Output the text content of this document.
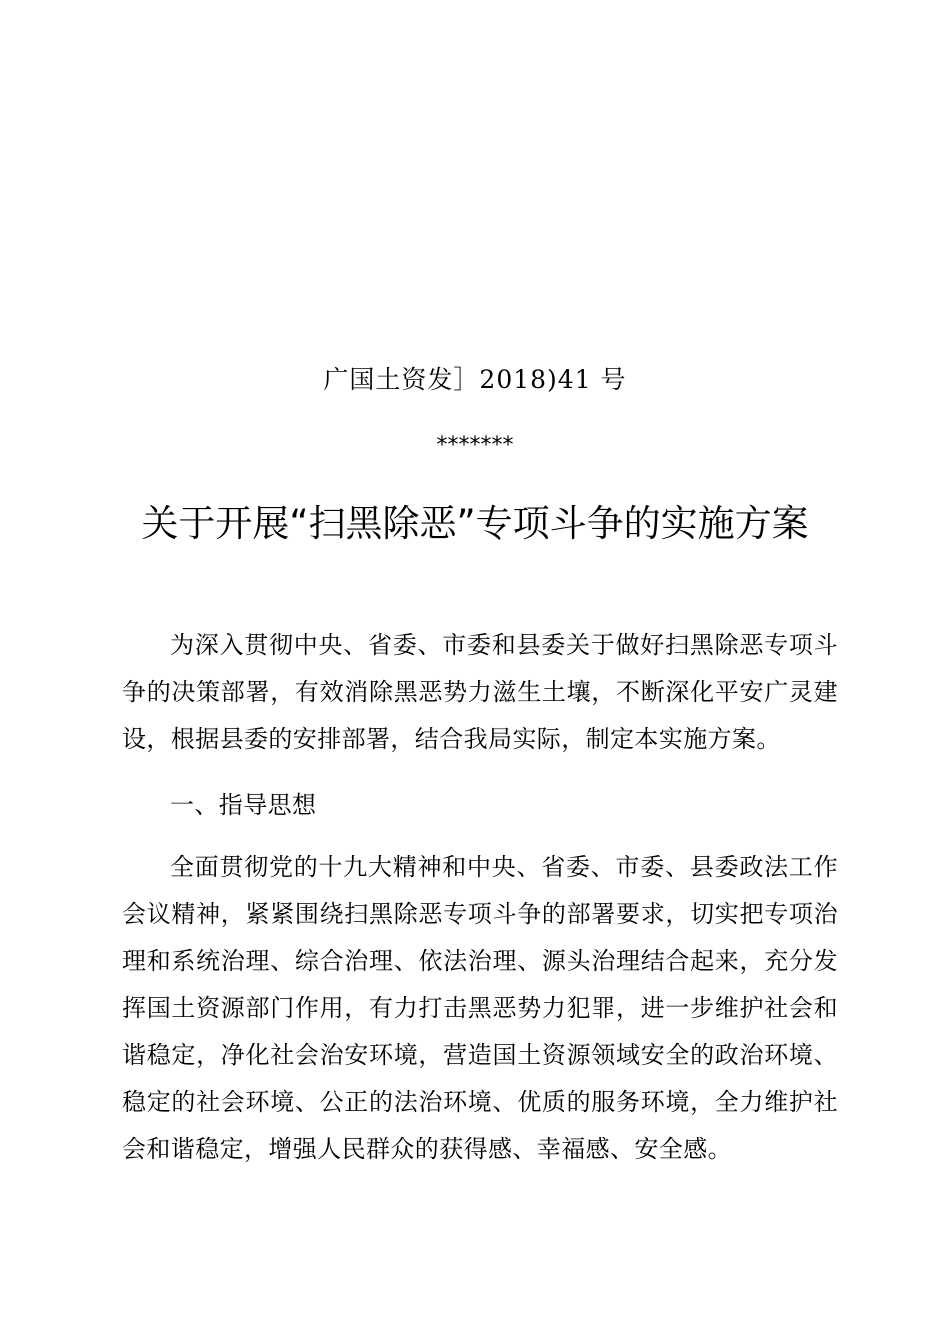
广国土资发］2018)41 号
*******
关于开展“扫黑除恶”专项斗争的实施方案

为深入贯彻中央、省委、市委和县委关于做好扫黑除恶专项斗争的决策部署，有效消除黑恶势力滋生土壤，不断深化平安广灵建设，根据县委的安排部署，结合我局实际，制定本实施方案。

一、指导思想

全面贯彻党的十九大精神和中央、省委、市委、县委政法工作会议精神，紧紧围绕扫黑除恶专项斗争的部署要求，切实把专项治理和系统治理、综合治理、依法治理、源头治理结合起来，充分发挥国土资源部门作用，有力打击黑恶势力犯罪，进一步维护社会和谐稳定，净化社会治安环境，营造国土资源领域安全的政治环境、稳定的社会环境、公正的法治环境、优质的服务环境，全力维护社会和谐稳定，增强人民群众的获得感、幸福感、安全感。
